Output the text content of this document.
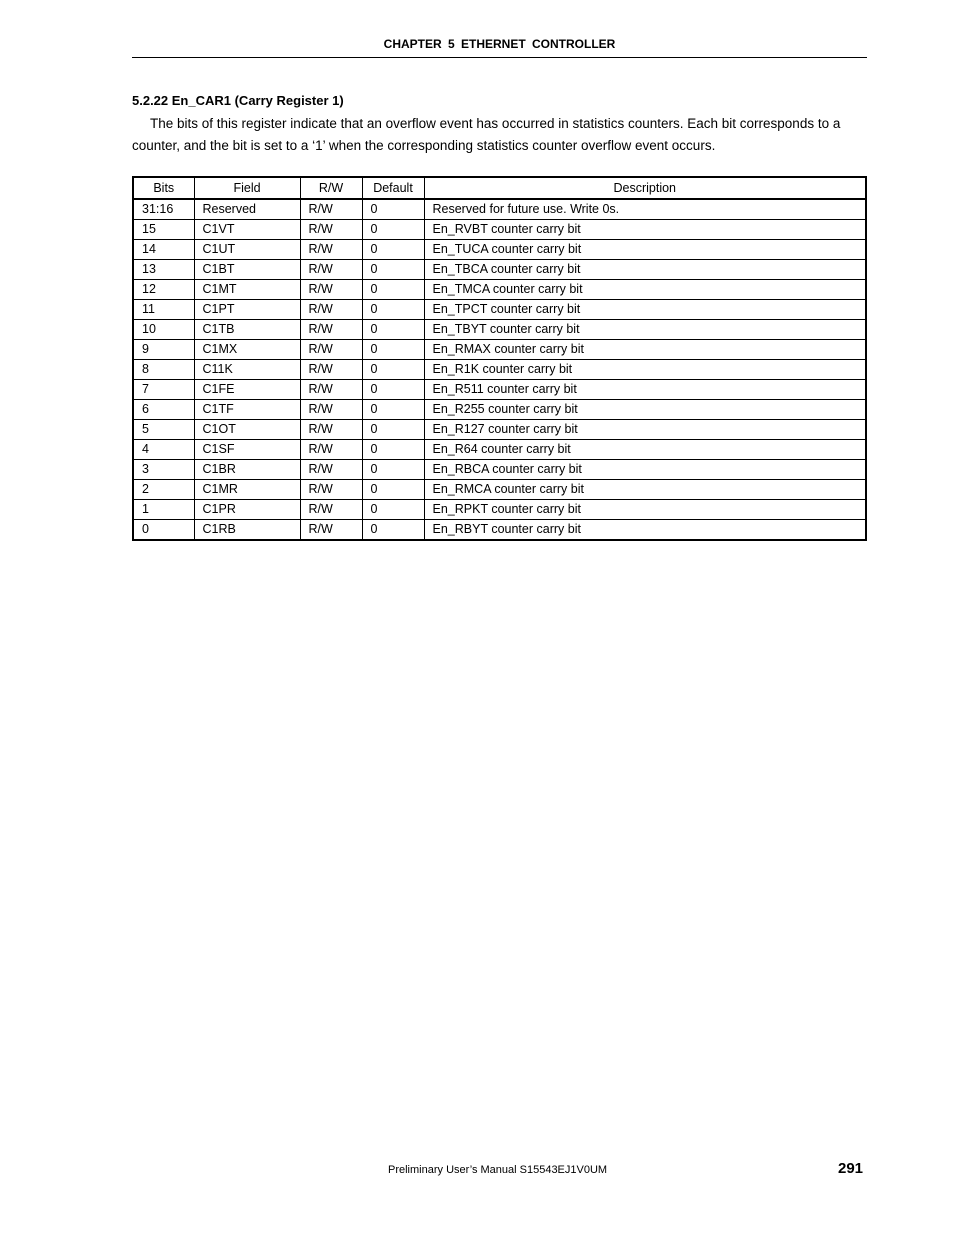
CHAPTER 5 ETHERNET CONTROLLER
5.2.22 En_CAR1 (Carry Register 1)

The bits of this register indicate that an overflow event has occurred in statistics counters. Each bit corresponds to a counter, and the bit is set to a ‘1’ when the corresponding statistics counter overflow event occurs.

Bits	Field	R/W	Default	Description
31:16	Reserved	R/W	0	Reserved for future use. Write 0s.
15	C1VT	R/W	0	En_RVBT counter carry bit
14	C1UT	R/W	0	En_TUCA counter carry bit
13	C1BT	R/W	0	En_TBCA counter carry bit
12	C1MT	R/W	0	En_TMCA counter carry bit
11	C1PT	R/W	0	En_TPCT counter carry bit
10	C1TB	R/W	0	En_TBYT counter carry bit
9	C1MX	R/W	0	En_RMAX counter carry bit
8	C11K	R/W	0	En_R1K counter carry bit
7	C1FE	R/W	0	En_R511 counter carry bit
6	C1TF	R/W	0	En_R255 counter carry bit
5	C1OT	R/W	0	En_R127 counter carry bit
4	C1SF	R/W	0	En_R64 counter carry bit
3	C1BR	R/W	0	En_RBCA counter carry bit
2	C1MR	R/W	0	En_RMCA counter carry bit
1	C1PR	R/W	0	En_RPKT counter carry bit
0	C1RB	R/W	0	En_RBYT counter carry bit
Preliminary User’s Manual S15543EJ1V0UM	291
